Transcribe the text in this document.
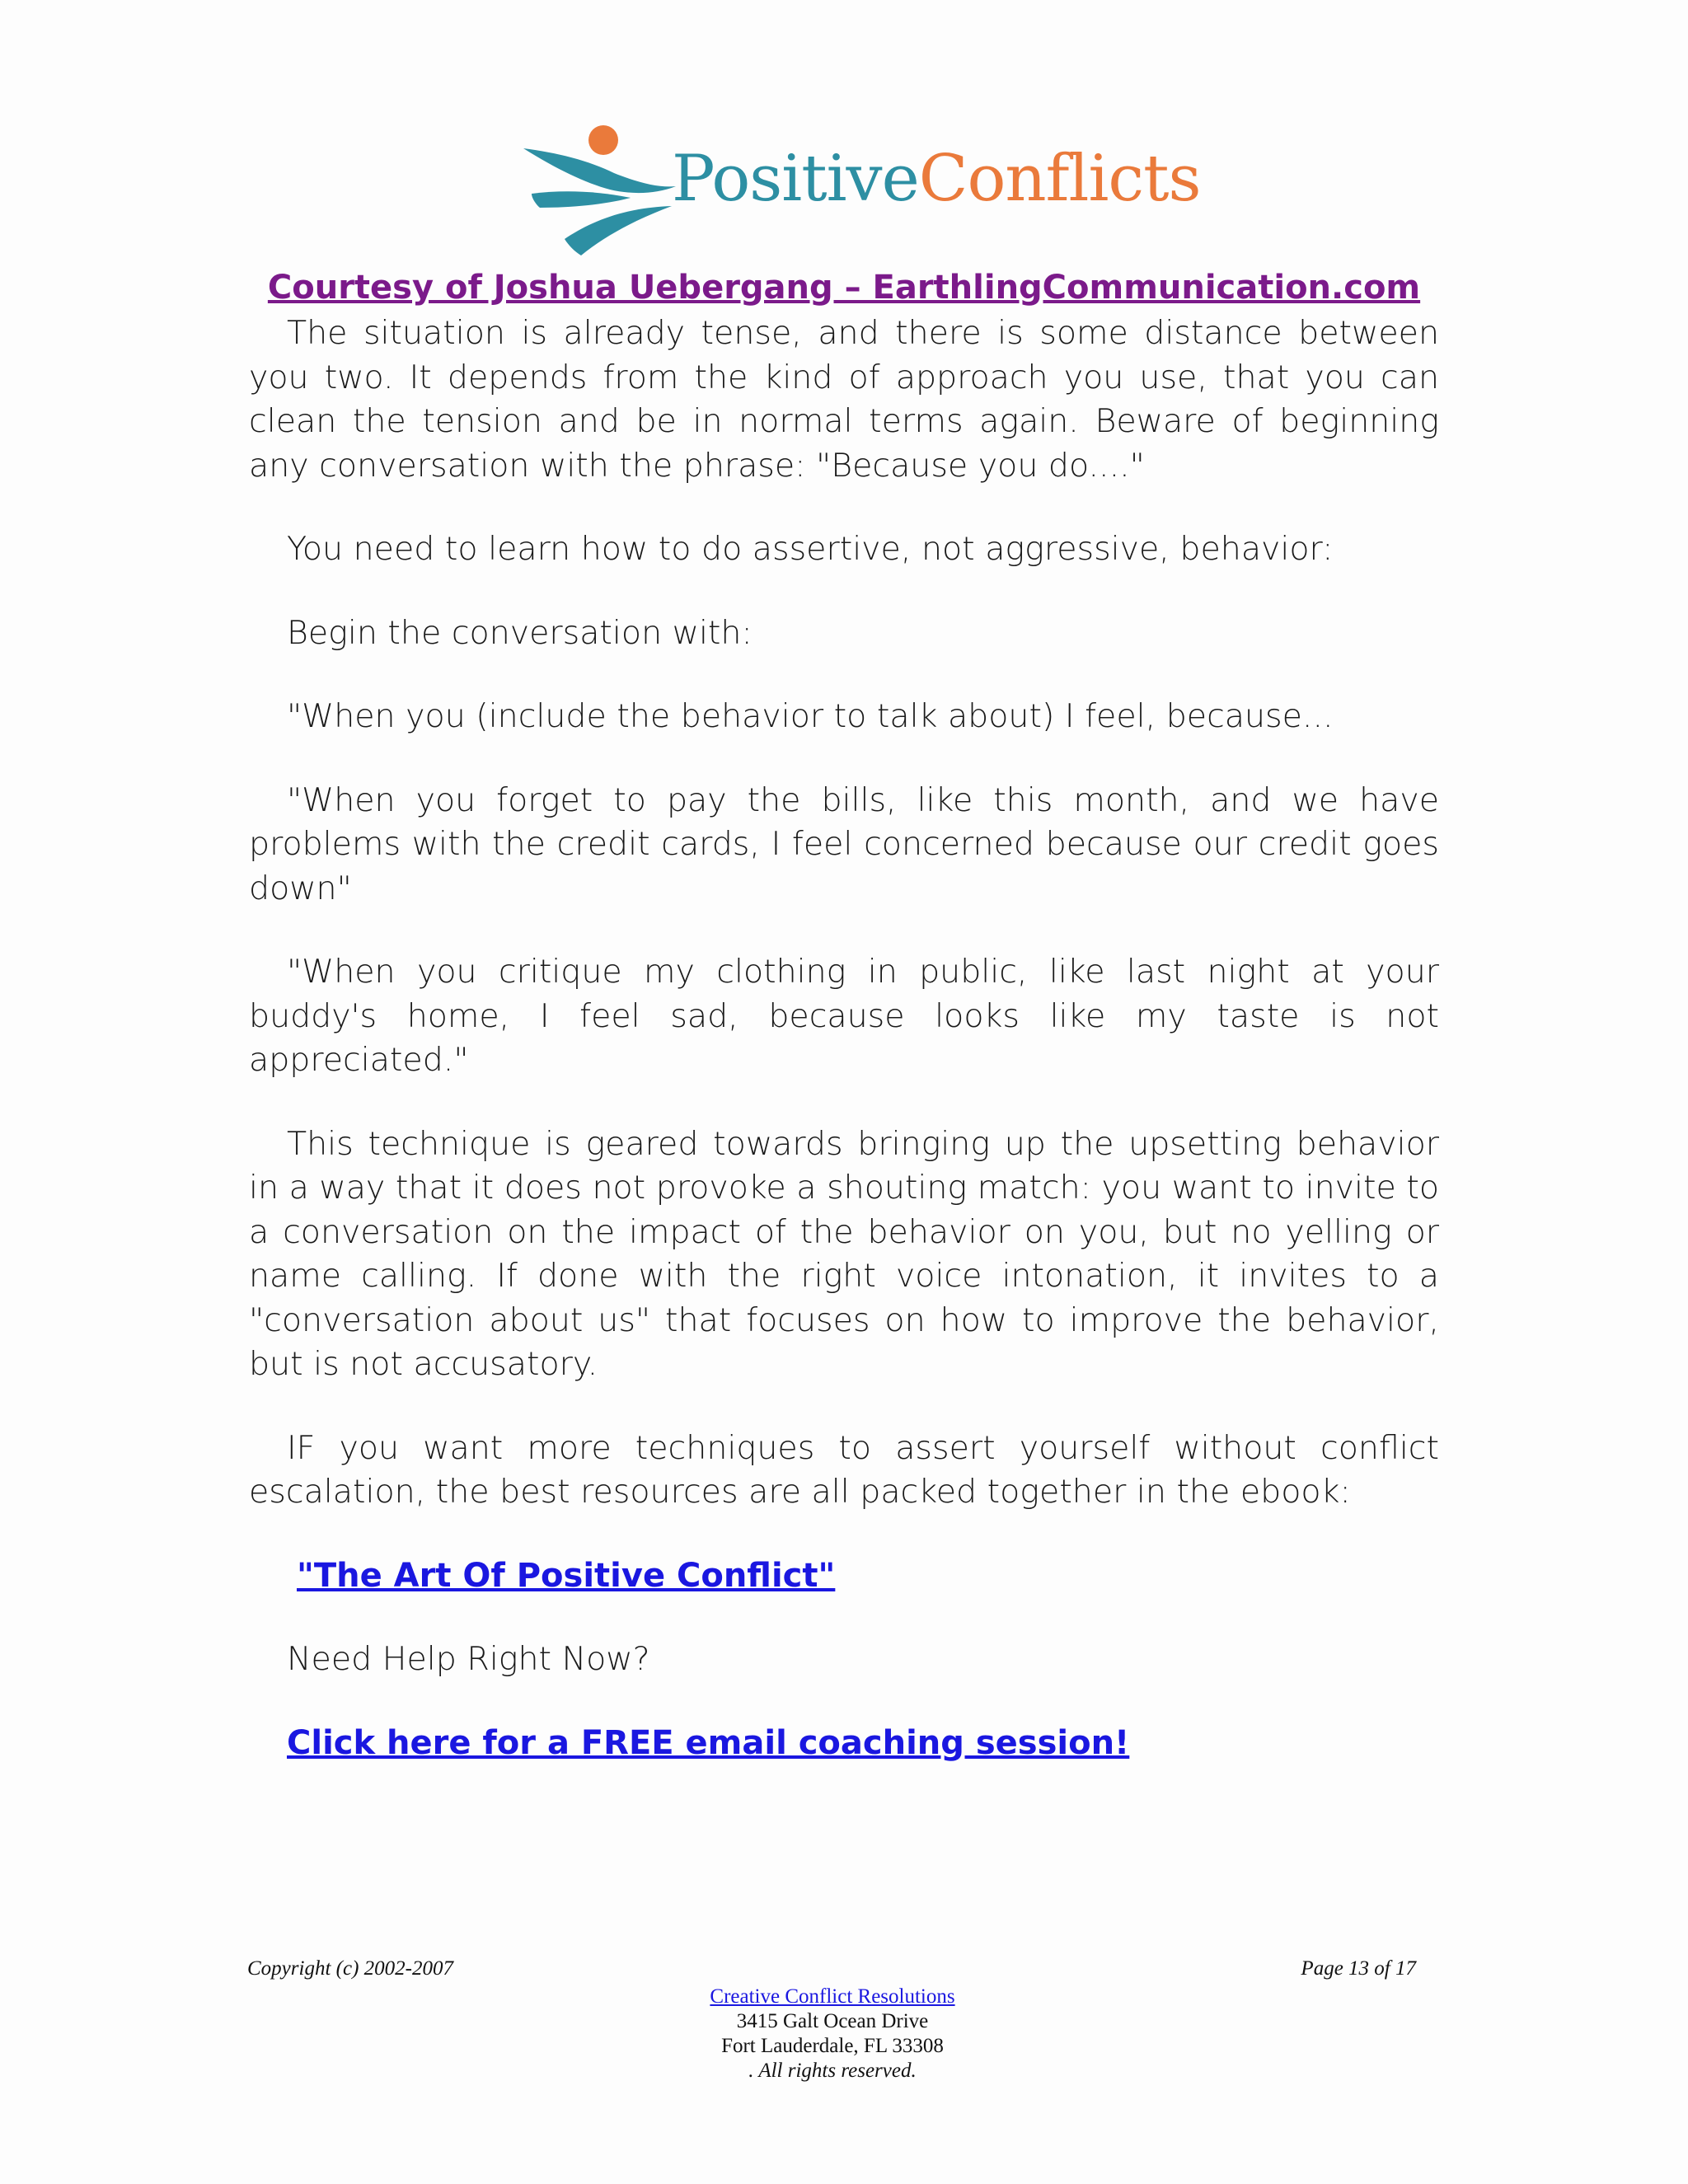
PositiveConflicts
Courtesy of Joshua Uebergang – EarthlingCommunication.com

The situation is already tense, and there is some distance between you two. It depends from the kind of approach you use, that you can clean the tension and be in normal terms again. Beware of beginning any conversation with the phrase: "Because you do...."

You need to learn how to do assertive, not aggressive, behavior:

Begin the conversation with:

"When you (include the behavior to talk about) I feel, because...

"When you forget to pay the bills, like this month, and we have problems with the credit cards, I feel concerned because our credit goes down"

"When you critique my clothing in public, like last night at your buddy's home, I feel sad, because looks like my taste is not appreciated."

This technique is geared towards bringing up the upsetting behavior in a way that it does not provoke a shouting match: you want to invite to a conversation on the impact of the behavior on you, but no yelling or name calling. If done with the right voice intonation, it invites to a "conversation about us" that focuses on how to improve the behavior, but is not accusatory.

IF you want more techniques to assert yourself without conflict escalation, the best resources are all packed together in the ebook:

"The Art Of Positive Conflict"

Need Help Right Now?

Click here for a FREE email coaching session!
Copyright (c) 2002-2007	Page 13 of 17
Creative Conflict Resolutions
3415 Galt Ocean Drive
Fort Lauderdale, FL 33308
. All rights reserved.
